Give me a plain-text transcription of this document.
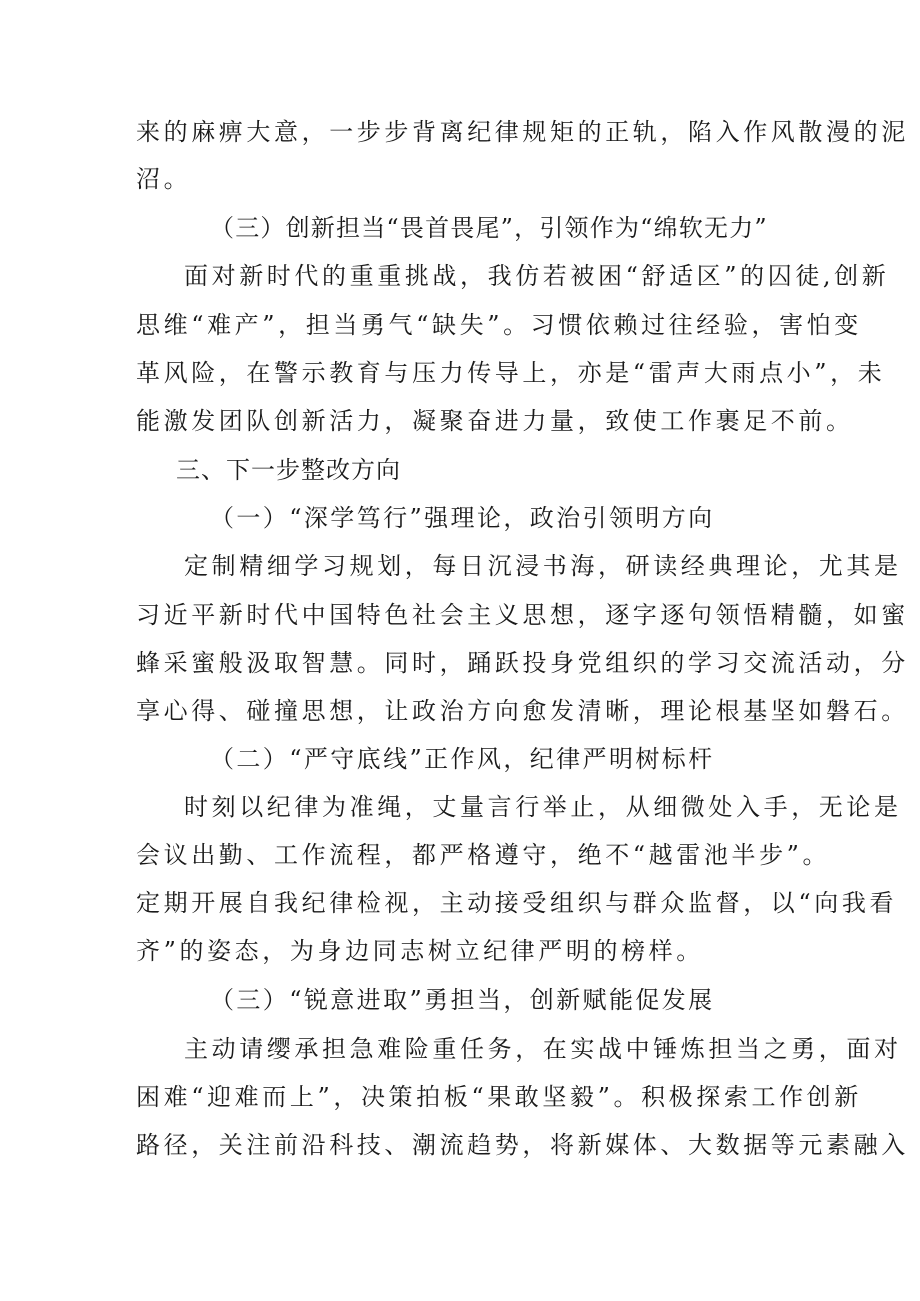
来的麻痹大意，一步步背离纪律规矩的正轨，陷入作风散漫的泥
沼。
（三）创新担当“畏首畏尾”，引领作为“绵软无力”
面对新时代的重重挑战，我仿若被困“舒适区”的囚徒,创新
思维“难产”，担当勇气“缺失”。习惯依赖过往经验，害怕变
革风险，在警示教育与压力传导上，亦是“雷声大雨点小”，未
能激发团队创新活力，凝聚奋进力量，致使工作裹足不前。
三、下一步整改方向
（一）“深学笃行”强理论，政治引领明方向
定制精细学习规划，每日沉浸书海，研读经典理论，尤其是
习近平新时代中国特色社会主义思想，逐字逐句领悟精髓，如蜜
蜂采蜜般汲取智慧。同时，踊跃投身党组织的学习交流活动，分
享心得、碰撞思想，让政治方向愈发清晰，理论根基坚如磐石。
（二）“严守底线”正作风，纪律严明树标杆
时刻以纪律为准绳，丈量言行举止，从细微处入手，无论是
会议出勤、工作流程，都严格遵守，绝不“越雷池半步”。
定期开展自我纪律检视，主动接受组织与群众监督，以“向我看
齐”的姿态，为身边同志树立纪律严明的榜样。
（三）“锐意进取”勇担当，创新赋能促发展
主动请缨承担急难险重任务，在实战中锤炼担当之勇，面对
困难“迎难而上”，决策拍板“果敢坚毅”。积极探索工作创新
路径，关注前沿科技、潮流趋势，将新媒体、大数据等元素融入
